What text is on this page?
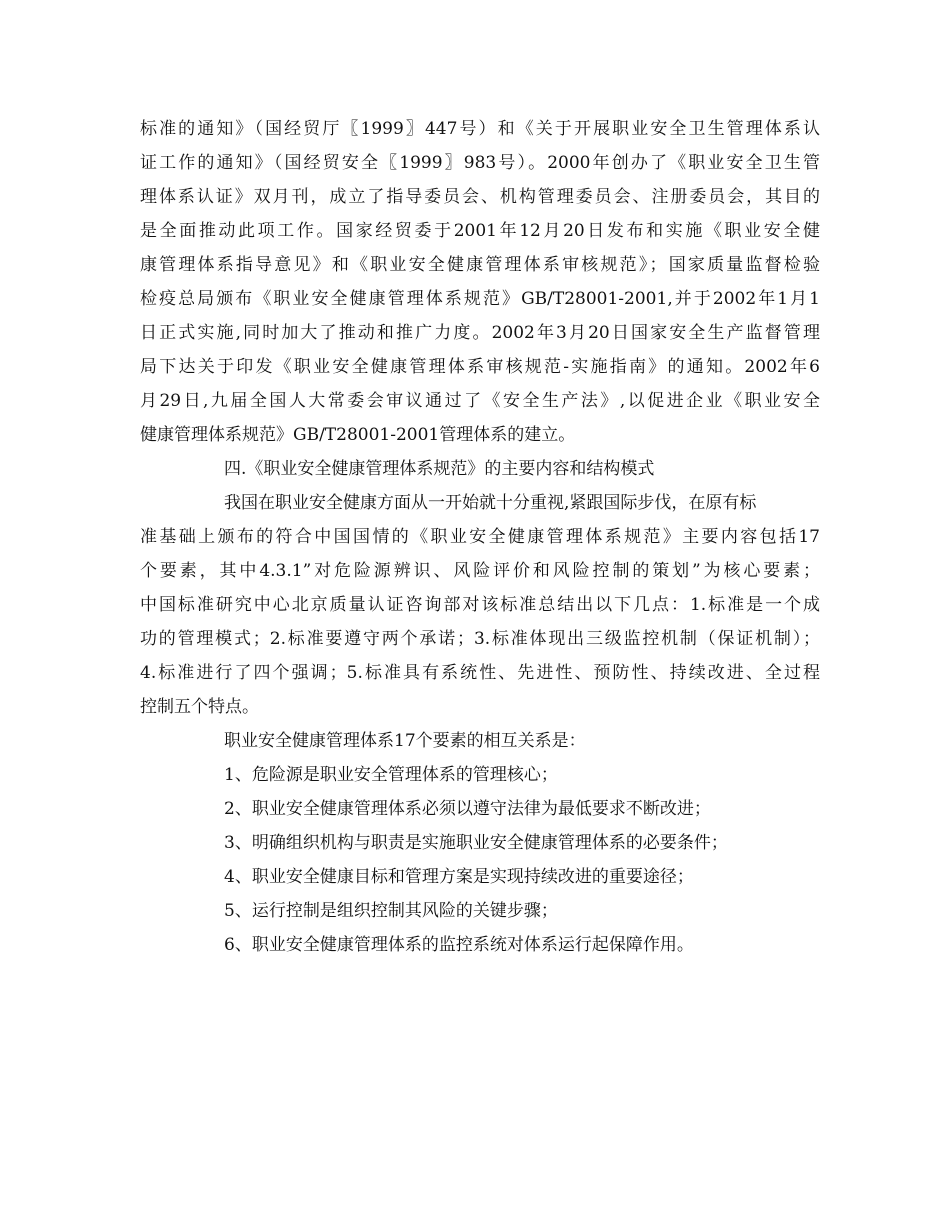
标准的通知》（国经贸厅〖1999〗447号）和《关于开展职业安全卫生管理体系认
证工作的通知》（国经贸安全〖1999〗983号）。2000年创办了《职业安全卫生管
理体系认证》双月刊，成立了指导委员会、机构管理委员会、注册委员会，其目的
是全面推动此项工作。国家经贸委于2001年12月20日发布和实施《职业安全健
康管理体系指导意见》和《职业安全健康管理体系审核规范》；国家质量监督检验
检疫总局颁布《职业安全健康管理体系规范》GB/T28001-2001,并于2002年1月1
日正式实施,同时加大了推动和推广力度。2002年3月20日国家安全生产监督管理
局下达关于印发《职业安全健康管理体系审核规范-实施指南》的通知。2002年6
月29日,九届全国人大常委会审议通过了《安全生产法》,以促进企业《职业安全
健康管理体系规范》GB/T28001-2001管理体系的建立。
四.《职业安全健康管理体系规范》的主要内容和结构模式
我国在职业安全健康方面从一开始就十分重视,紧跟国际步伐，在原有标
准基础上颁布的符合中国国情的《职业安全健康管理体系规范》主要内容包括17
个要素，其中4.3.1”对危险源辨识、风险评价和风险控制的策划”为核心要素；
中国标准研究中心北京质量认证咨询部对该标准总结出以下几点：1.标准是一个成
功的管理模式；2.标准要遵守两个承诺；3.标准体现出三级监控机制（保证机制）；
4.标准进行了四个强调；5.标准具有系统性、先进性、预防性、持续改进、全过程
控制五个特点。
职业安全健康管理体系17个要素的相互关系是：
1、危险源是职业安全管理体系的管理核心；
2、职业安全健康管理体系必须以遵守法律为最低要求不断改进；
3、明确组织机构与职责是实施职业安全健康管理体系的必要条件；
4、职业安全健康目标和管理方案是实现持续改进的重要途径；
5、运行控制是组织控制其风险的关键步骤；
6、职业安全健康管理体系的监控系统对体系运行起保障作用。
